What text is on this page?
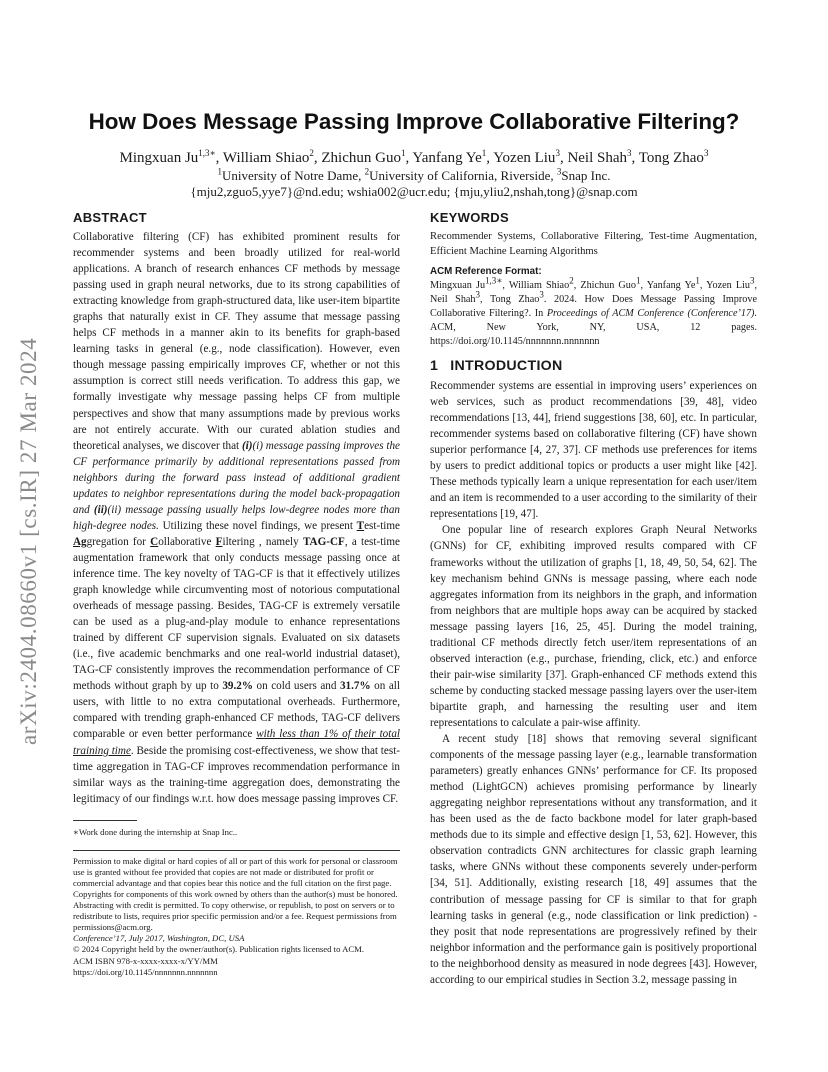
arXiv:2404.08660v1 [cs.IR] 27 Mar 2024
How Does Message Passing Improve Collaborative Filtering?
Mingxuan $Ju^{1,3∗}$, William Shiao$^2$, Zhichun Guo$^1$, Yanfang Ye$^1$, Yozen Liu$^3$, Neil Shah$^3$, Tong Zhao$^3$
$^1$University of Notre Dame, $^2$University of California, Riverside, $^3$Snap Inc.
{mju2,zguo5,yye7}@nd.edu; wshia002@ucr.edu; {mju,yliu2,nshah,tong}@snap.com
ABSTRACT

Collaborative filtering (CF) has exhibited prominent results for recommender systems and been broadly utilized for real-world applications. A branch of research enhances CF methods by message passing used in graph neural networks, due to its strong capabilities of extracting knowledge from graph-structured data, like user-item bipartite graphs that naturally exist in CF. They assume that message passing helps CF methods in a manner akin to its benefits for graph-based learning tasks in general (e.g., node classification). However, even though message passing empirically improves CF, whether or not this assumption is correct still needs verification. To address this gap, we formally investigate why message passing helps CF from multiple perspectives and show that many assumptions made by previous works are not entirely accurate. With our curated ablation studies and theoretical analyses, we discover that (i)(i) message passing improves the CF performance primarily by additional representations passed from neighbors during the forward pass instead of additional gradient updates to neighbor representations during the model back-propagation and (ii)(ii) message passing usually helps low-degree nodes more than high-degree nodes. Utilizing these novel findings, we present Test-time Aggregation for Collaborative Filtering , namely TAG-CF, a test-time augmentation framework that only conducts message passing once at inference time. The key novelty of TAG-CF is that it effectively utilizes graph knowledge while circumventing most of notorious computational overheads of message passing. Besides, TAG-CF is extremely versatile can be used as a plug-and-play module to enhance representations trained by different CF supervision signals. Evaluated on six datasets (i.e., five academic benchmarks and one real-world industrial dataset), TAG-CF consistently improves the recommendation performance of CF methods without graph by up to 39.2% on cold users and 31.7% on all users, with little to no extra computational overheads. Furthermore, compared with trending graph-enhanced CF methods, TAG-CF delivers comparable or even better performance with less than 1% of their total training time. Beside the promising cost-effectiveness, we show that test-time aggregation in TAG-CF improves recommendation performance in similar ways as the training-time aggregation does, demonstrating the legitimacy of our findings w.r.t. how does message passing improves CF.

∗Work done during the internship at Snap Inc..

Permission to make digital or hard copies of all or part of this work for personal or classroom use is granted without fee provided that copies are not made or distributed for profit or commercial advantage and that copies bear this notice and the full citation on the first page. Copyrights for components of this work owned by others than the author(s) must be honored. Abstracting with credit is permitted. To copy otherwise, or republish, to post on servers or to redistribute to lists, requires prior specific permission and/or a fee. Request permissions from permissions@acm.org.

Conference’17, July 2017, Washington, DC, USA

© 2024 Copyright held by the owner/author(s). Publication rights licensed to ACM.

ACM ISBN 978-x-xxxx-xxxx-x/YY/MM

https://doi.org/10.1145/nnnnnnn.nnnnnnn

KEYWORDS

Recommender Systems, Collaborative Filtering, Test-time Augmentation, Efficient Machine Learning Algorithms

ACM Reference Format:

Mingxuan $Ju^{1,3∗}$, William Shiao$^2$, Zhichun Guo$^1$, Yanfang Ye$^1$, Yozen Liu$^3$, Neil Shah$^3$, Tong Zhao$^3$. 2024. How Does Message Passing Improve Collaborative Filtering?. In Proceedings of ACM Conference (Conference’17). ACM, New York, NY, USA, 12 pages. https://doi.org/10.1145/nnnnnnn.nnnnnnn

1 INTRODUCTION

Recommender systems are essential in improving users’ experiences on web services, such as product recommendations [39, 48], video recommendations [13, 44], friend suggestions [38, 60], etc. In particular, recommender systems based on collaborative filtering (CF) have shown superior performance [4, 27, 37]. CF methods use preferences for items by users to predict additional topics or products a user might like [42]. These methods typically learn a unique representation for each user/item and an item is recommended to a user according to the similarity of their representations [19, 47].

One popular line of research explores Graph Neural Networks (GNNs) for CF, exhibiting improved results compared with CF frameworks without the utilization of graphs [1, 18, 49, 50, 54, 62]. The key mechanism behind GNNs is message passing, where each node aggregates information from its neighbors in the graph, and information from neighbors that are multiple hops away can be acquired by stacked message passing layers [16, 25, 45]. During the model training, traditional CF methods directly fetch user/item representations of an observed interaction (e.g., purchase, friending, click, etc.) and enforce their pair-wise similarity [37]. Graph-enhanced CF methods extend this scheme by conducting stacked message passing layers over the user-item bipartite graph, and harnessing the resulting user and item representations to calculate a pair-wise affinity.

A recent study [18] shows that removing several significant components of the message passing layer (e.g., learnable transformation parameters) greatly enhances GNNs’ performance for CF. Its proposed method (LightGCN) achieves promising performance by linearly aggregating neighbor representations without any transformation, and it has been used as the de facto backbone model for later graph-based methods due to its simple and effective design [1, 53, 62]. However, this observation contradicts GNN architectures for classic graph learning tasks, where GNNs without these components severely under-perform [34, 51]. Additionally, existing research [18, 49] assumes that the contribution of message passing for CF is similar to that for graph learning tasks in general (e.g., node classification or link prediction) - they posit that node representations are progressively refined by their neighbor information and the performance gain is positively proportional to the neighborhood density as measured in node degrees [43]. However, according to our empirical studies in Section 3.2, message passing in
